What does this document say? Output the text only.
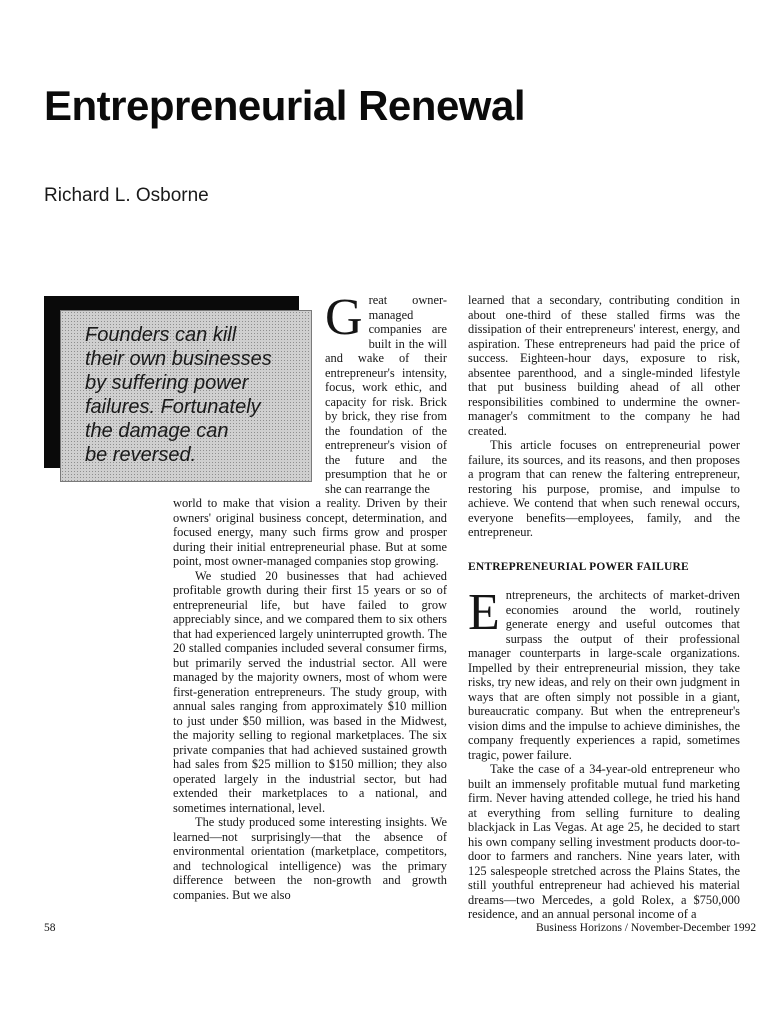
Entrepreneurial Renewal
Richard L. Osborne

Founders can kill
their own businesses
by suffering power
failures. Fortunately
the damage can
be reversed.

G reat owner-managed companies are built in the will and wake of their entrepreneur's intensity, focus, work ethic, and capacity for risk. Brick by brick, they rise from the foundation of the entrepreneur's vision of the future and the presumption that he or she can rearrange the

world to make that vision a reality. Driven by their owners' original business concept, determination, and focused energy, many such firms grow and prosper during their initial entrepreneurial phase. But at some point, most owner-managed companies stop growing.

We studied 20 businesses that had achieved profitable growth during their first 15 years or so of entrepreneurial life, but have failed to grow appreciably since, and we compared them to six others that had experienced largely uninterrupted growth. The 20 stalled companies included several consumer firms, but primarily served the industrial sector. All were managed by the majority owners, most of whom were first-generation entrepreneurs. The study group, with annual sales ranging from approximately $10 million to just under $50 million, was based in the Midwest, the majority selling to regional marketplaces. The six private companies that had achieved sustained growth had sales from $25 million to $150 million; they also operated largely in the industrial sector, but had extended their marketplaces to a national, and sometimes international, level.

The study produced some interesting insights. We learned—not surprisingly—that the absence of environmental orientation (marketplace, competitors, and technological intelligence) was the primary difference between the non-growth and growth companies. But we also

learned that a secondary, contributing condition in about one-third of these stalled firms was the dissipation of their entrepreneurs' interest, energy, and aspiration. These entrepreneurs had paid the price of success. Eighteen-hour days, exposure to risk, absentee parenthood, and a single-minded lifestyle that put business building ahead of all other responsibilities combined to undermine the owner-manager's commitment to the company he had created.

This article focuses on entrepreneurial power failure, its sources, and its reasons, and then proposes a program that can renew the faltering entrepreneur, restoring his purpose, promise, and impulse to achieve. We contend that when such renewal occurs, everyone benefits—employees, family, and the entrepreneur.

ENTREPRENEURIAL POWER FAILURE
E ntrepreneurs, the architects of market-driven economies around the world, routinely generate energy and useful outcomes that surpass the output of their professional manager counterparts in large-scale organizations. Impelled by their entrepreneurial mission, they take risks, try new ideas, and rely on their own judgment in ways that are often simply not possible in a giant, bureaucratic company. But when the entrepreneur's vision dims and the impulse to achieve diminishes, the company frequently experiences a rapid, sometimes tragic, power failure.

Take the case of a 34-year-old entrepreneur who built an immensely profitable mutual fund marketing firm. Never having attended college, he tried his hand at everything from selling furniture to dealing blackjack in Las Vegas. At age 25, he decided to start his own company selling investment products door-to-door to farmers and ranchers. Nine years later, with 125 salespeople stretched across the Plains States, the still youthful entrepreneur had achieved his material dreams—two Mercedes, a gold Rolex, a $750,000 residence, and an annual personal income of a

58	Business Horizons / November-December 1992
